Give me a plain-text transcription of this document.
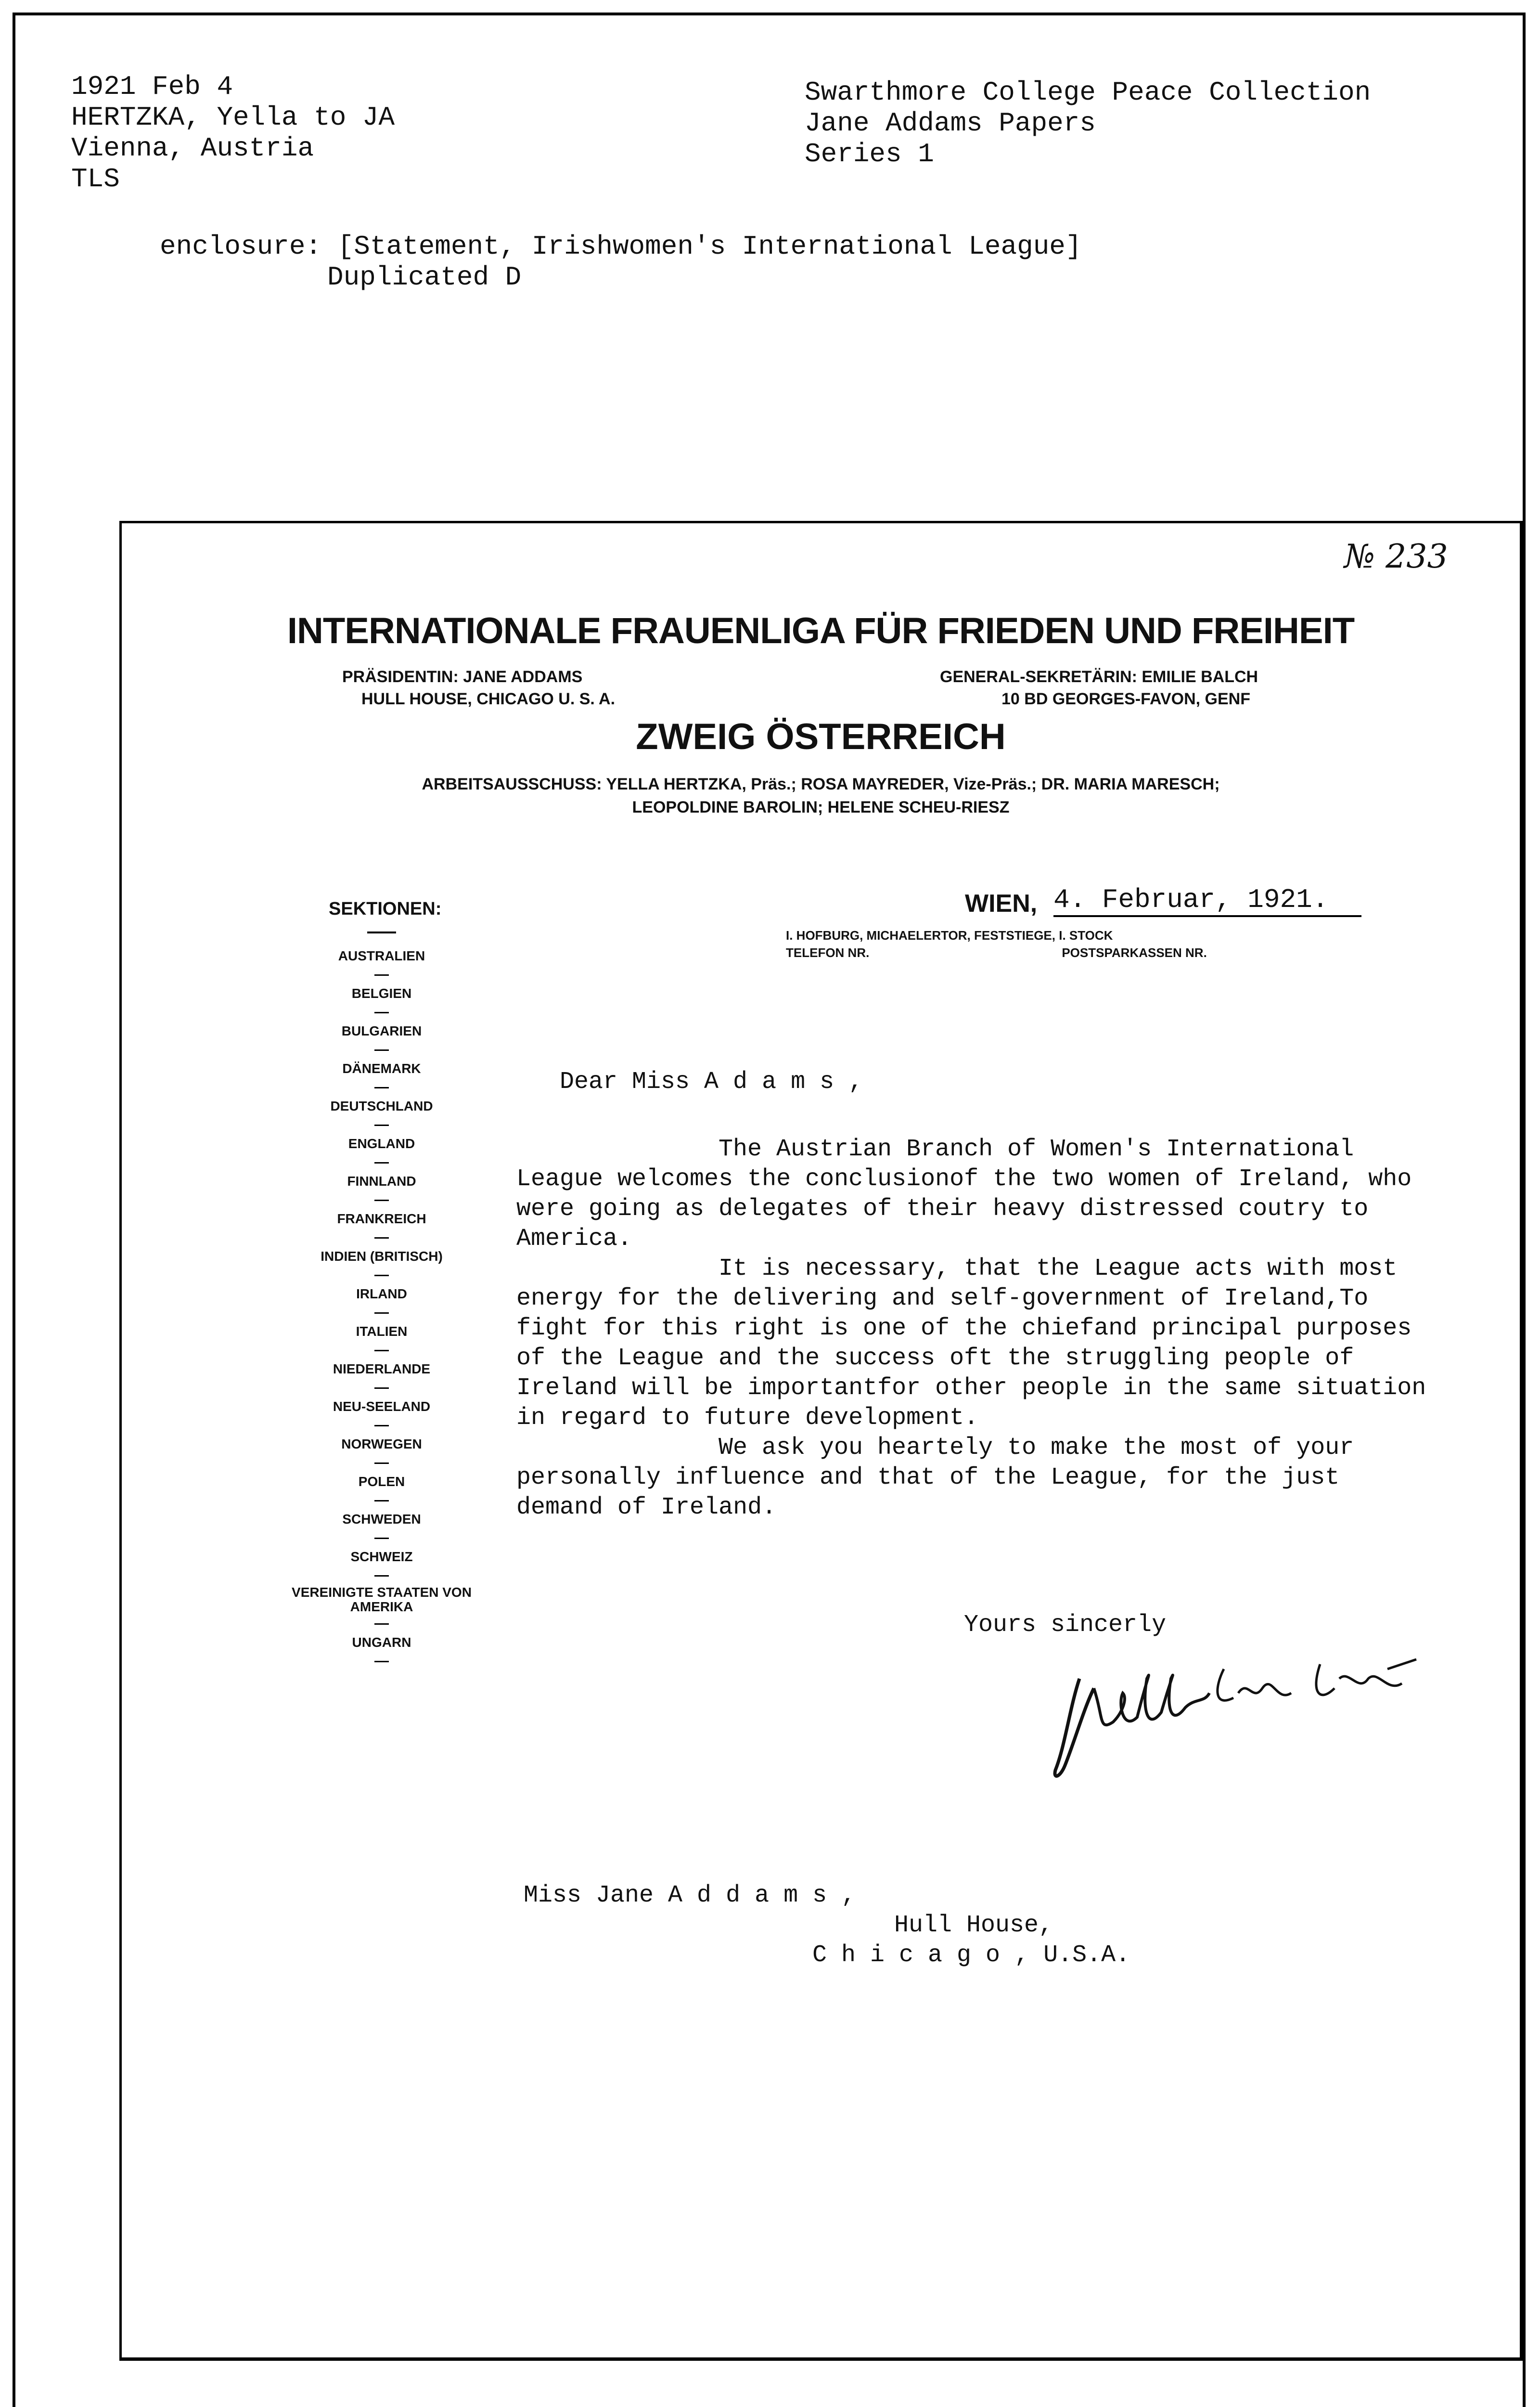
1921 Feb 4
HERTZKA, Yella to JA
Vienna, Austria
TLS
Swarthmore College Peace Collection
Jane Addams Papers
Series 1
enclosure: [Statement, Irishwomen's International League]
Duplicated D
№ 233
INTERNATIONALE FRAUENLIGA FÜR FRIEDEN UND FREIHEIT
PRÄSIDENTIN: JANE ADDAMS
HULL HOUSE, CHICAGO U. S. A.
GENERAL-SEKRETÄRIN: EMILIE BALCH
10 BD GEORGES-FAVON, GENF
ZWEIG ÖSTERREICH
ARBEITSAUSSCHUSS: YELLA HERTZKA, Präs.; ROSA MAYREDER, Vize-Präs.; DR. MARIA MARESCH;
LEOPOLDINE BAROLIN; HELENE SCHEU-RIESZ
SEKTIONEN:
AUSTRALIEN
BELGIEN
BULGARIEN
DÄNEMARK
DEUTSCHLAND
ENGLAND
FINNLAND
FRANKREICH
INDIEN (BRITISCH)
IRLAND
ITALIEN
NIEDERLANDE
NEU-SEELAND
NORWEGEN
POLEN
SCHWEDEN
SCHWEIZ
VEREINIGTE STAATEN VON AMERIKA
UNGARN
WIEN, 4. Februar, 1921.
I. HOFBURG, MICHAELERTOR, FESTSTIEGE, I. STOCK
TELEFON NR.	POSTSPARKASSEN NR.
Dear Miss A d a m s ,

The Austrian Branch of Women's International League welcomes the conclusionof the two women of Ireland, who were going as delegates of their heavy distressed coutry to America.

It is necessary, that the League acts with most energy for the delivering and self-government of Ireland,To fight for this right is one of the chiefand principal purposes of the League and the success oft the struggling people of Ireland will be importantfor other people in the same situation in regard to future development.

We ask you heartely to make the most of your personally influence and that of the League, for the just demand of Ireland.

Yours sincerly
Miss Jane A d d a m s ,
Hull House,
C h i c a g o , U.S.A.
